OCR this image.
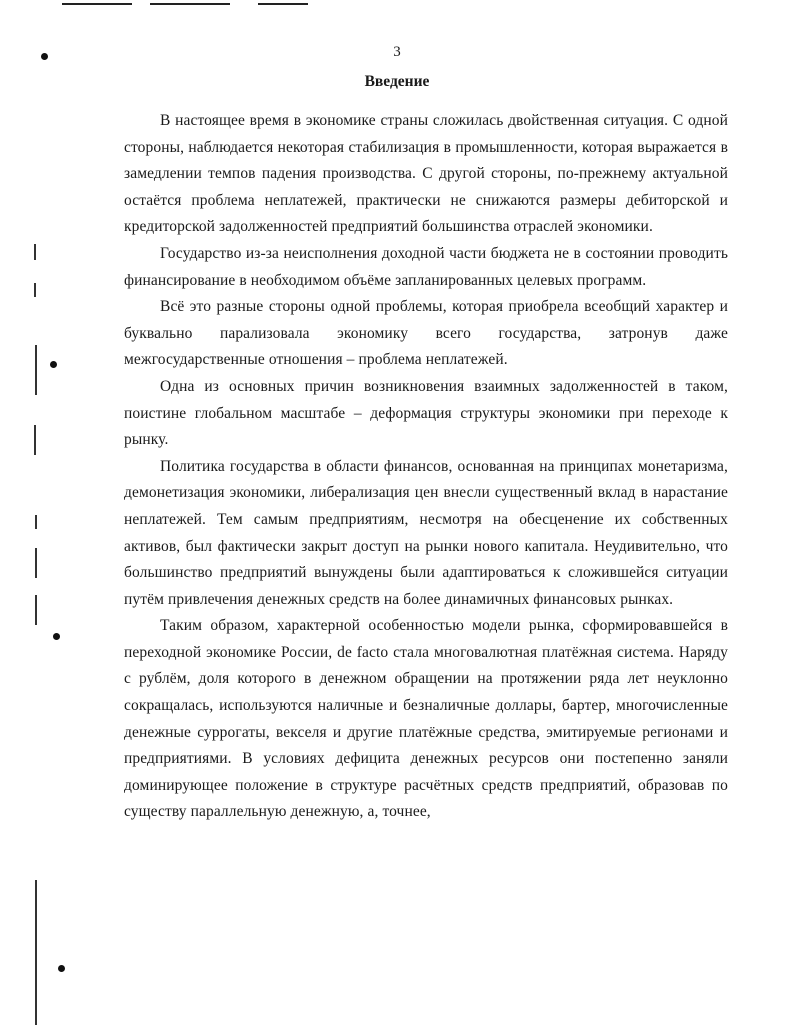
3
Введение

В настоящее время в экономике страны сложилась двойственная ситуация. С одной стороны, наблюдается некоторая стабилизация в промышленности, которая выражается в замедлении темпов падения производства. С другой стороны, по-прежнему актуальной остаётся проблема неплатежей, практически не снижаются размеры дебиторской и кредиторской задолженностей предприятий большинства отраслей экономики.

Государство из-за неисполнения доходной части бюджета не в состоянии проводить финансирование в необходимом объёме запланированных целевых программ.

Всё это разные стороны одной проблемы, которая приобрела всеобщий характер и буквально парализовала экономику всего государства, затронув даже межгосударственные отношения – проблема неплатежей.

Одна из основных причин возникновения взаимных задолженностей в таком, поистине глобальном масштабе – деформация структуры экономики при переходе к рынку.

Политика государства в области финансов, основанная на принципах монетаризма, демонетизация экономики, либерализация цен внесли существенный вклад в нарастание неплатежей. Тем самым предприятиям, несмотря на обесценение их собственных активов, был фактически закрыт доступ на рынки нового капитала. Неудивительно, что большинство предприятий вынуждены были адаптироваться к сложившейся ситуации путём привлечения денежных средств на более динамичных финансовых рынках.

Таким образом, характерной особенностью модели рынка, сформировавшейся в переходной экономике России, de facto стала многовалютная платёжная система. Наряду с рублём, доля которого в денежном обращении на протяжении ряда лет неуклонно сокращалась, используются наличные и безналичные доллары, бартер, многочисленные денежные суррогаты, векселя и другие платёжные средства, эмитируемые регионами и предприятиями. В условиях дефицита денежных ресурсов они постепенно заняли доминирующее положение в структуре расчётных средств предприятий, образовав по существу параллельную денежную, а, точнее,
